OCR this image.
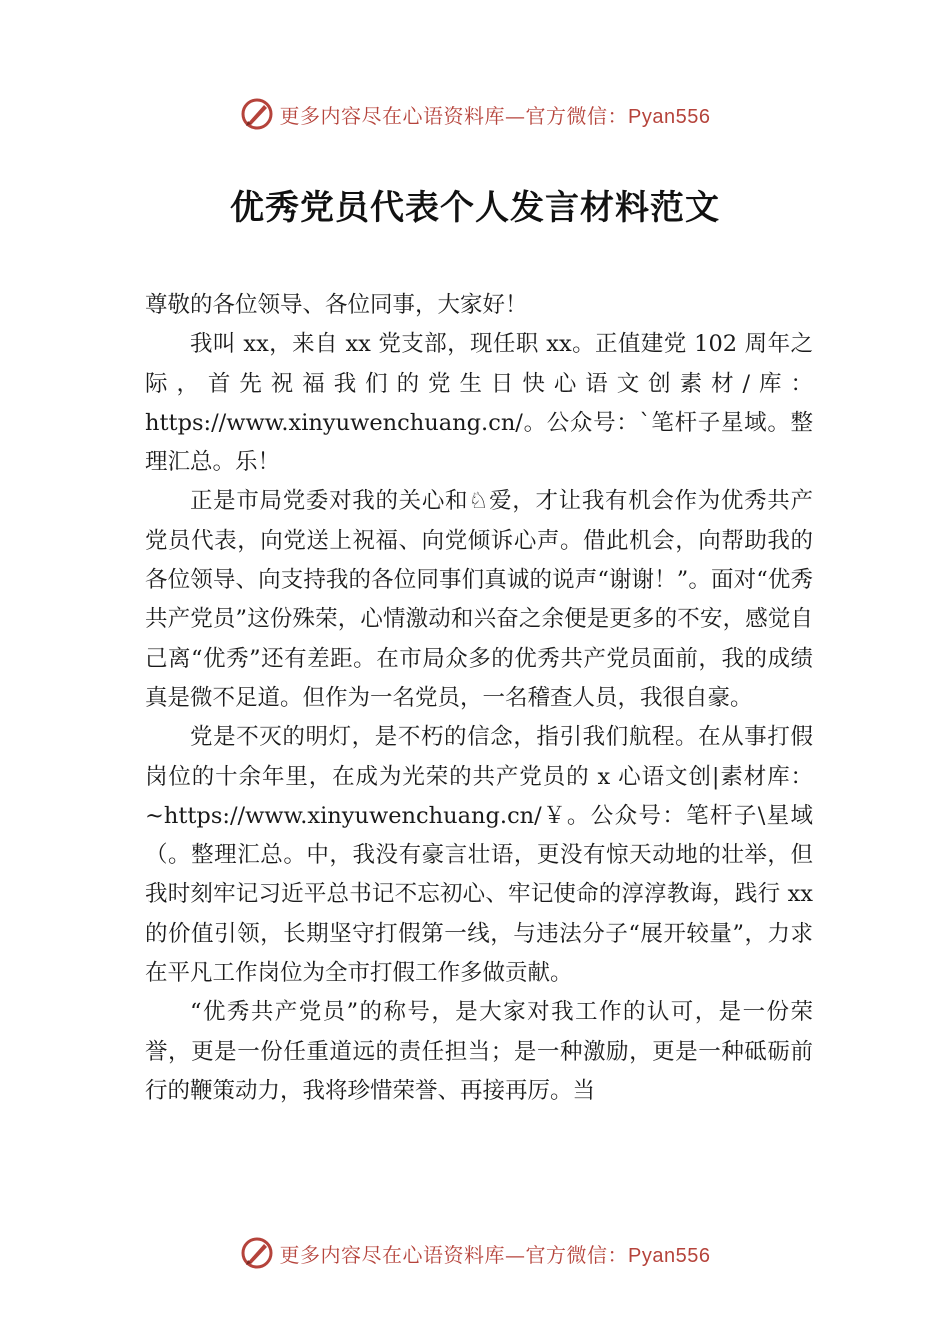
更多内容尽在心语资料库—官方微信：Pyan556
优秀党员代表个人发言材料范文

尊敬的各位领导、各位同事，大家好！

我叫 xx，来自 xx 党支部，现任职 xx。正值建党 102 周年之际，首先祝福我们的党生日快心语文创素材/库：https://www.xinyuwenchuang.cn/。公众号：`笔杆子星域。整理汇总。乐！

正是市局党委对我的关心和♘爱，才让我有机会作为优秀共产党员代表，向党送上祝福、向党倾诉心声。借此机会，向帮助我的各位领导、向支持我的各位同事们真诚的说声“谢谢！”。面对“优秀共产党员”这份殊荣，心情激动和兴奋之余便是更多的不安，感觉自己离“优秀”还有差距。在市局众多的优秀共产党员面前，我的成绩真是微不足道。但作为一名党员，一名稽查人员，我很自豪。

党是不灭的明灯，是不朽的信念，指引我们航程。在从事打假岗位的十余年里，在成为光荣的共产党员的 x 心语文创|素材库：~https://www.xinyuwenchuang.cn/￥。公众号：笔杆子\星域（。整理汇总。中，我没有豪言壮语，更没有惊天动地的壮举，但我时刻牢记习近平总书记不忘初心、牢记使命的淳淳教诲，践行 xx 的价值引领，长期坚守打假第一线，与违法分子“展开较量”，力求在平凡工作岗位为全市打假工作多做贡献。

“优秀共产党员”的称号，是大家对我工作的认可，是一份荣誉，更是一份任重道远的责任担当；是一种激励，更是一种砥砺前行的鞭策动力，我将珍惜荣誉、再接再厉。当

更多内容尽在心语资料库—官方微信：Pyan556
